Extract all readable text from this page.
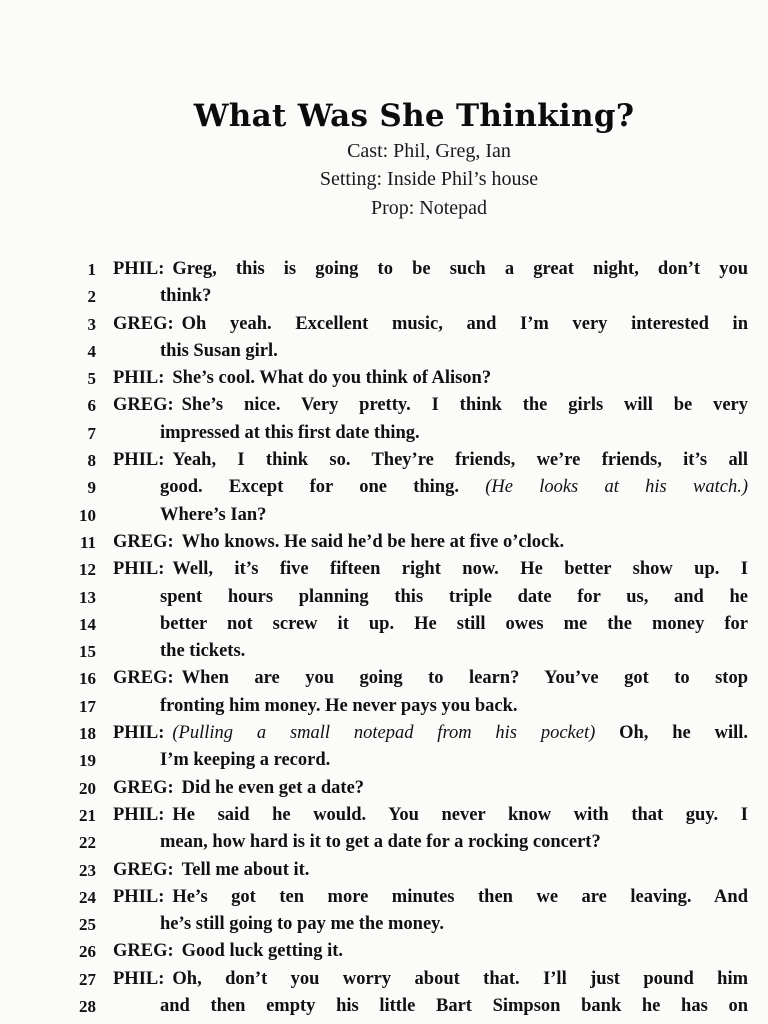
What Was She Thinking?
Cast: Phil, Greg, Ian
Setting: Inside Phil’s house
Prop: Notepad
1 PHIL: Greg, this is going to be such a great night, don’t you
2	think?
3 GREG: Oh yeah. Excellent music, and I’m very interested in
4	this Susan girl.
5 PHIL: She’s cool. What do you think of Alison?
6 GREG: She’s nice. Very pretty. I think the girls will be very
7	impressed at this first date thing.
8 PHIL: Yeah, I think so. They’re friends, we’re friends, it’s all
9	good. Except for one thing. (He looks at his watch.)
10	Where’s Ian?
11 GREG: Who knows. He said he’d be here at five o’clock.
12 PHIL: Well, it’s five fifteen right now. He better show up. I
13	spent hours planning this triple date for us, and he
14	better not screw it up. He still owes me the money for
15	the tickets.
16 GREG: When are you going to learn? You’ve got to stop
17	fronting him money. He never pays you back.
18 PHIL: (Pulling a small notepad from his pocket) Oh, he will.
19	I’m keeping a record.
20 GREG: Did he even get a date?
21 PHIL: He said he would. You never know with that guy. I
22	mean, how hard is it to get a date for a rocking concert?
23 GREG: Tell me about it.
24 PHIL: He’s got ten more minutes then we are leaving. And
25	he’s still going to pay me the money.
26 GREG: Good luck getting it.
27 PHIL: Oh, don’t you worry about that. I’ll just pound him
28	and then empty his little Bart Simpson bank he has on
